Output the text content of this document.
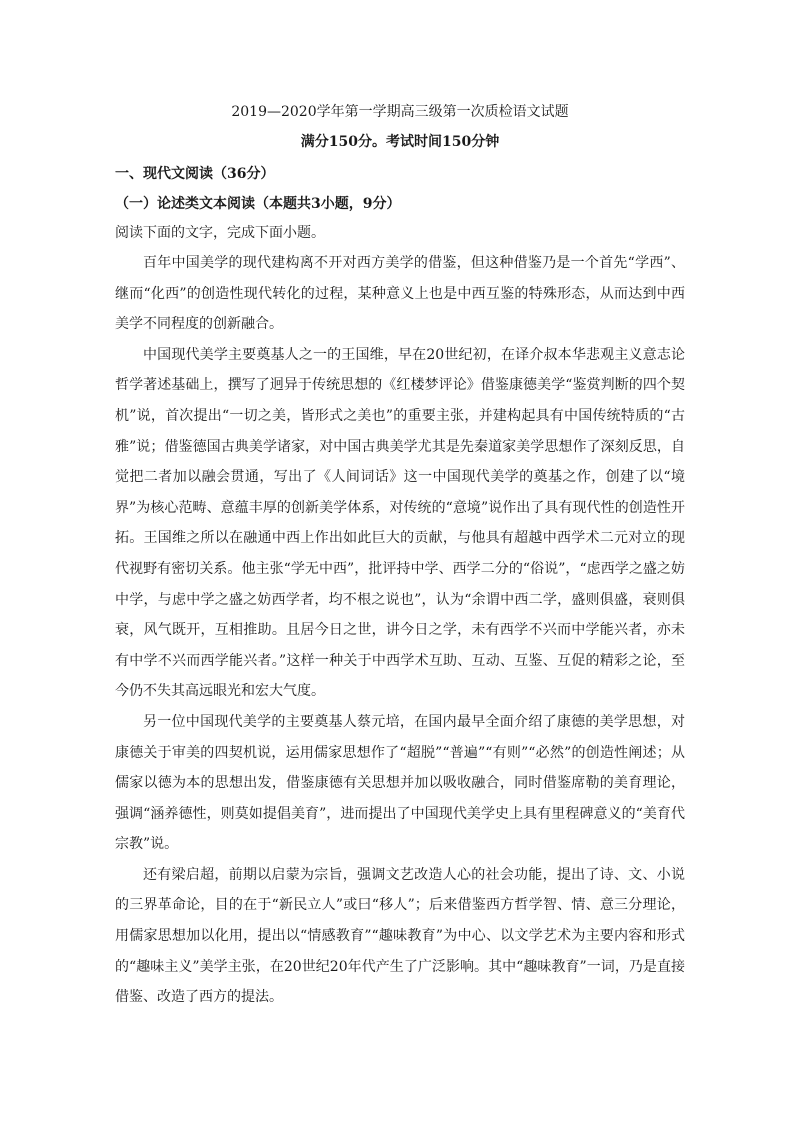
2019—2020学年第一学期高三级第一次质检语文试题

满分150分。考试时间150分钟

一、现代文阅读（36分）

（一）论述类文本阅读（本题共3小题，9分）

阅读下面的文字，完成下面小题。

百年中国美学的现代建构离不开对西方美学的借鉴，但这种借鉴乃是一个首先“学西”、继而“化西”的创造性现代转化的过程，某种意义上也是中西互鉴的特殊形态，从而达到中西美学不同程度的创新融合。

中国现代美学主要奠基人之一的王国维，早在20世纪初，在译介叔本华悲观主义意志论哲学著述基础上，撰写了迥异于传统思想的《红楼梦评论》借鉴康德美学“鉴赏判断的四个契机”说，首次提出“一切之美，皆形式之美也”的重要主张，并建构起具有中国传统特质的“古雅”说；借鉴德国古典美学诸家，对中国古典美学尤其是先秦道家美学思想作了深刻反思，自觉把二者加以融会贯通，写出了《人间词话》这一中国现代美学的奠基之作，创建了以“境界”为核心范畴、意蕴丰厚的创新美学体系，对传统的“意境”说作出了具有现代性的创造性开拓。王国维之所以在融通中西上作出如此巨大的贡献，与他具有超越中西学术二元对立的现代视野有密切关系。他主张“学无中西”，批评持中学、西学二分的“俗说”，“虑西学之盛之妨中学，与虑中学之盛之妨西学者，均不根之说也”，认为“余谓中西二学，盛则俱盛，衰则俱衰，风气既开，互相推助。且居今日之世，讲今日之学，未有西学不兴而中学能兴者，亦未有中学不兴而西学能兴者。”这样一种关于中西学术互助、互动、互鉴、互促的精彩之论，至今仍不失其高远眼光和宏大气度。

另一位中国现代美学的主要奠基人蔡元培，在国内最早全面介绍了康德的美学思想，对康德关于审美的四契机说，运用儒家思想作了“超脱”“普遍”“有则”“必然”的创造性阐述；从儒家以德为本的思想出发，借鉴康德有关思想并加以吸收融合，同时借鉴席勒的美育理论，强调“涵养德性，则莫如提倡美育”，进而提出了中国现代美学史上具有里程碑意义的“美育代宗教”说。

还有梁启超，前期以启蒙为宗旨，强调文艺改造人心的社会功能，提出了诗、文、小说的三界革命论，目的在于“新民立人”或曰“移人”；后来借鉴西方哲学智、情、意三分理论，用儒家思想加以化用，提出以“情感教育”“趣味教育”为中心、以文学艺术为主要内容和形式的“趣味主义”美学主张，在20世纪20年代产生了广泛影响。其中“趣味教育”一词，乃是直接借鉴、改造了西方的提法。
